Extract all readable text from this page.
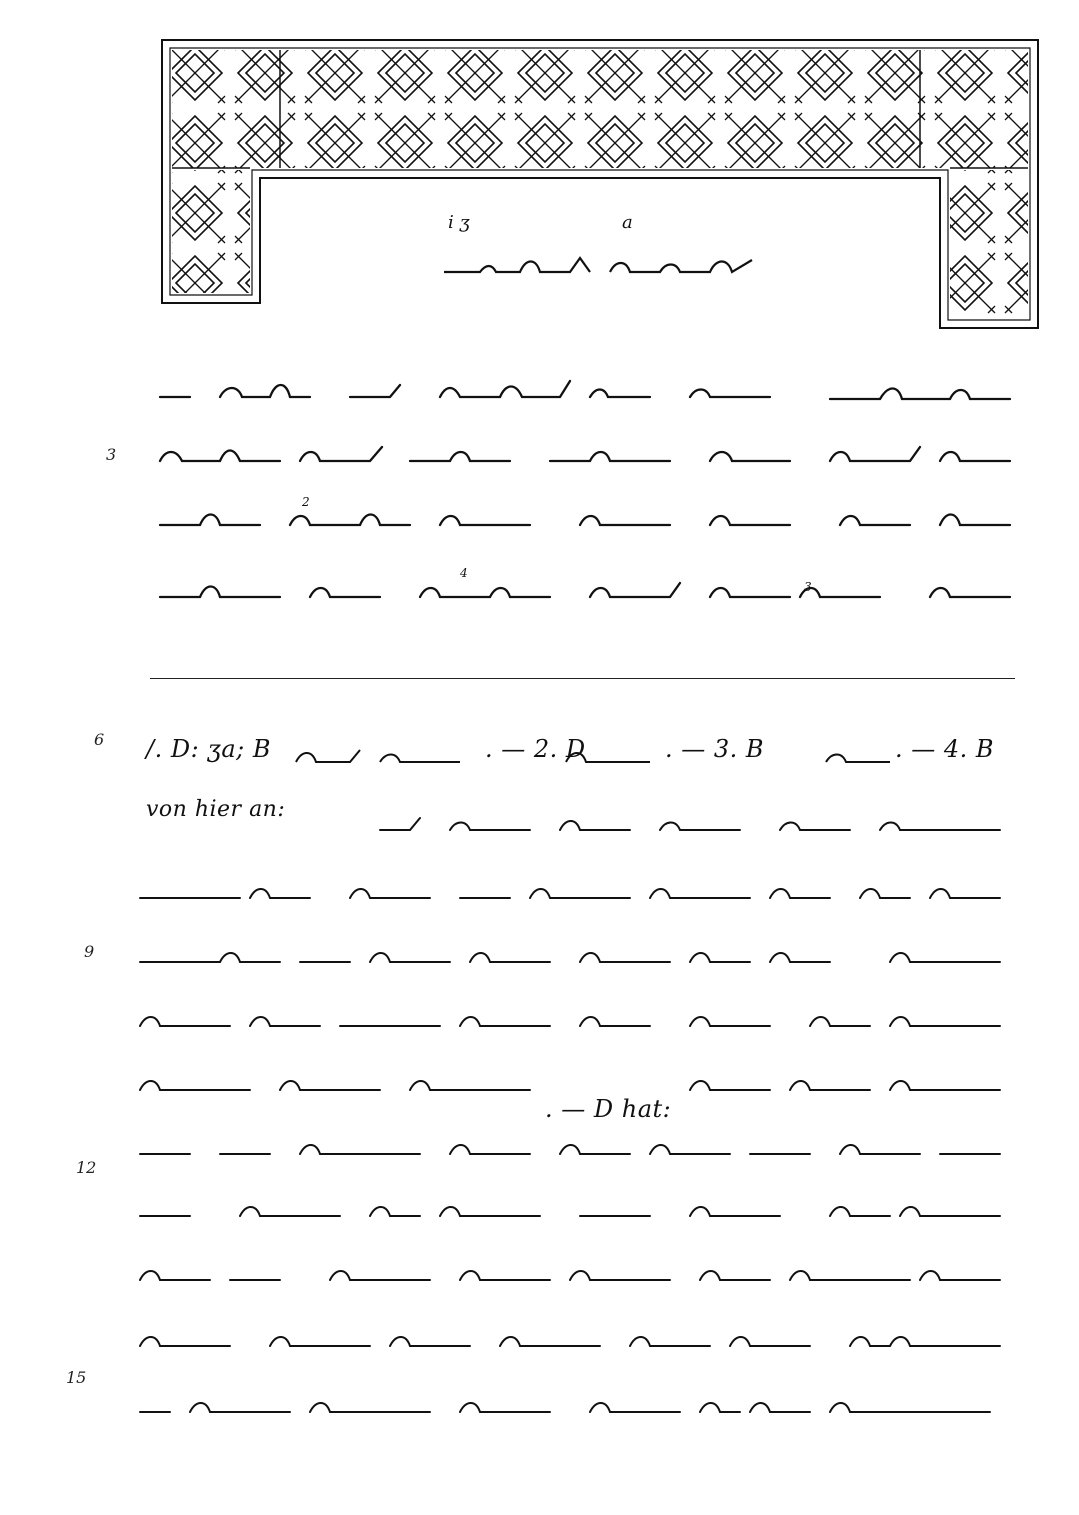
i ʒ	a
3
2
4
3
6
9
12
15
/. D: ʒa; B	. — 2. D	. — 3. B	. — 4. B
von hier an:
. — D hat:
